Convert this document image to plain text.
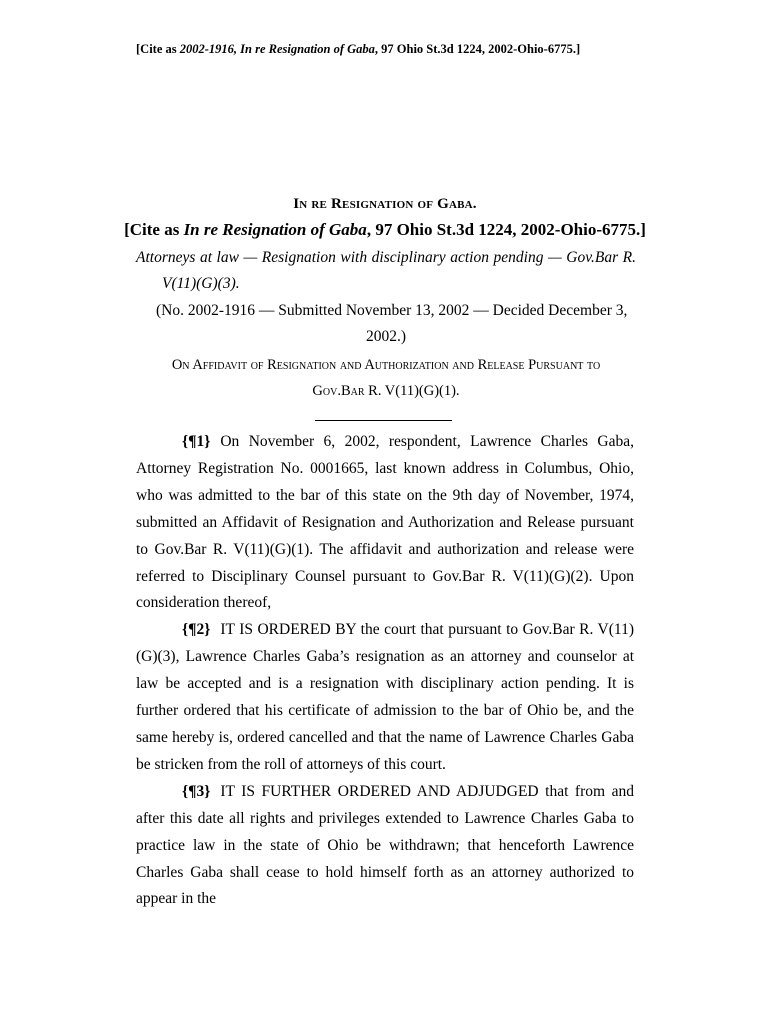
[Cite as 2002-1916, In re Resignation of Gaba, 97 Ohio St.3d 1224, 2002-Ohio-6775.]
In re Resignation of Gaba.
[Cite as In re Resignation of Gaba, 97 Ohio St.3d 1224, 2002-Ohio-6775.]
Attorneys at law — Resignation with disciplinary action pending — Gov.Bar R.
V(11)(G)(3).
(No. 2002-1916 — Submitted November 13, 2002 — Decided December 3,
2002.)
On Affidavit of Resignation and Authorization and Release Pursuant to
Gov.Bar R. V(11)(G)(1).

{¶1} On November 6, 2002, respondent, Lawrence Charles Gaba, Attorney Registration No. 0001665, last known address in Columbus, Ohio, who was admitted to the bar of this state on the 9th day of November, 1974, submitted an Affidavit of Resignation and Authorization and Release pursuant to Gov.Bar R. V(11)(G)(1). The affidavit and authorization and release were referred to Disciplinary Counsel pursuant to Gov.Bar R. V(11)(G)(2). Upon consideration thereof,

{¶2} IT IS ORDERED BY the court that pursuant to Gov.Bar R. V(11)(G)(3), Lawrence Charles Gaba’s resignation as an attorney and counselor at law be accepted and is a resignation with disciplinary action pending. It is further ordered that his certificate of admission to the bar of Ohio be, and the same hereby is, ordered cancelled and that the name of Lawrence Charles Gaba be stricken from the roll of attorneys of this court.

{¶3} IT IS FURTHER ORDERED AND ADJUDGED that from and after this date all rights and privileges extended to Lawrence Charles Gaba to practice law in the state of Ohio be withdrawn; that henceforth Lawrence Charles Gaba shall cease to hold himself forth as an attorney authorized to appear in the
